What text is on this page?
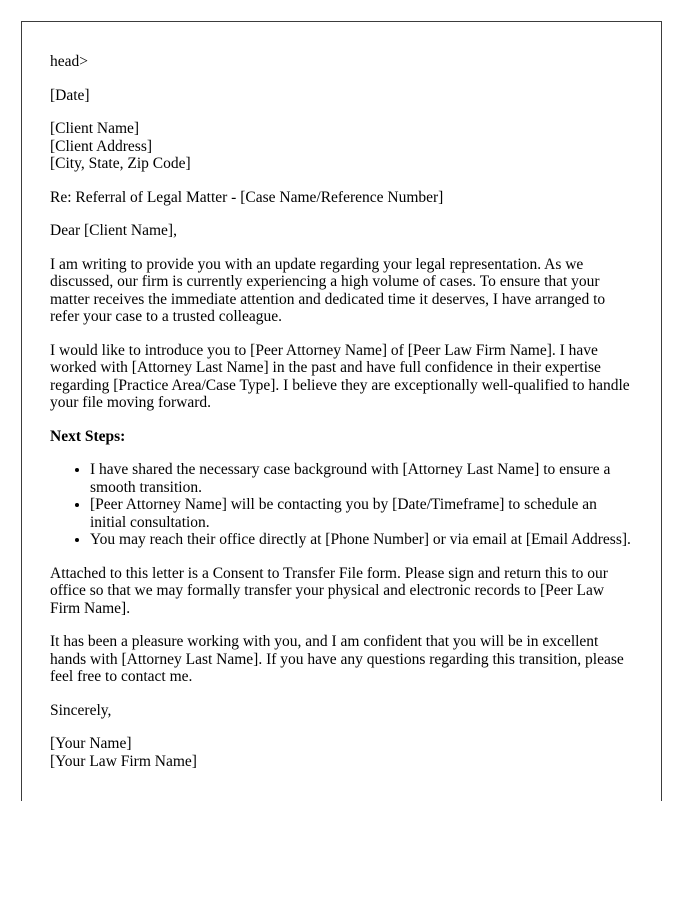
head>

[Date]

[Client Name]
[Client Address]
[City, State, Zip Code]

Re: Referral of Legal Matter - [Case Name/Reference Number]

Dear [Client Name],

I am writing to provide you with an update regarding your legal representation. As we discussed, our firm is currently experiencing a high volume of cases. To ensure that your matter receives the immediate attention and dedicated time it deserves, I have arranged to refer your case to a trusted colleague.

I would like to introduce you to [Peer Attorney Name] of [Peer Law Firm Name]. I have worked with [Attorney Last Name] in the past and have full confidence in their expertise regarding [Practice Area/Case Type]. I believe they are exceptionally well-qualified to handle your file moving forward.

Next Steps:

• I have shared the necessary case background with [Attorney Last Name] to ensure a smooth transition.
• [Peer Attorney Name] will be contacting you by [Date/Timeframe] to schedule an initial consultation.
• You may reach their office directly at [Phone Number] or via email at [Email Address].

Attached to this letter is a Consent to Transfer File form. Please sign and return this to our office so that we may formally transfer your physical and electronic records to [Peer Law Firm Name].

It has been a pleasure working with you, and I am confident that you will be in excellent hands with [Attorney Last Name]. If you have any questions regarding this transition, please feel free to contact me.

Sincerely,

[Your Name]
[Your Law Firm Name]
